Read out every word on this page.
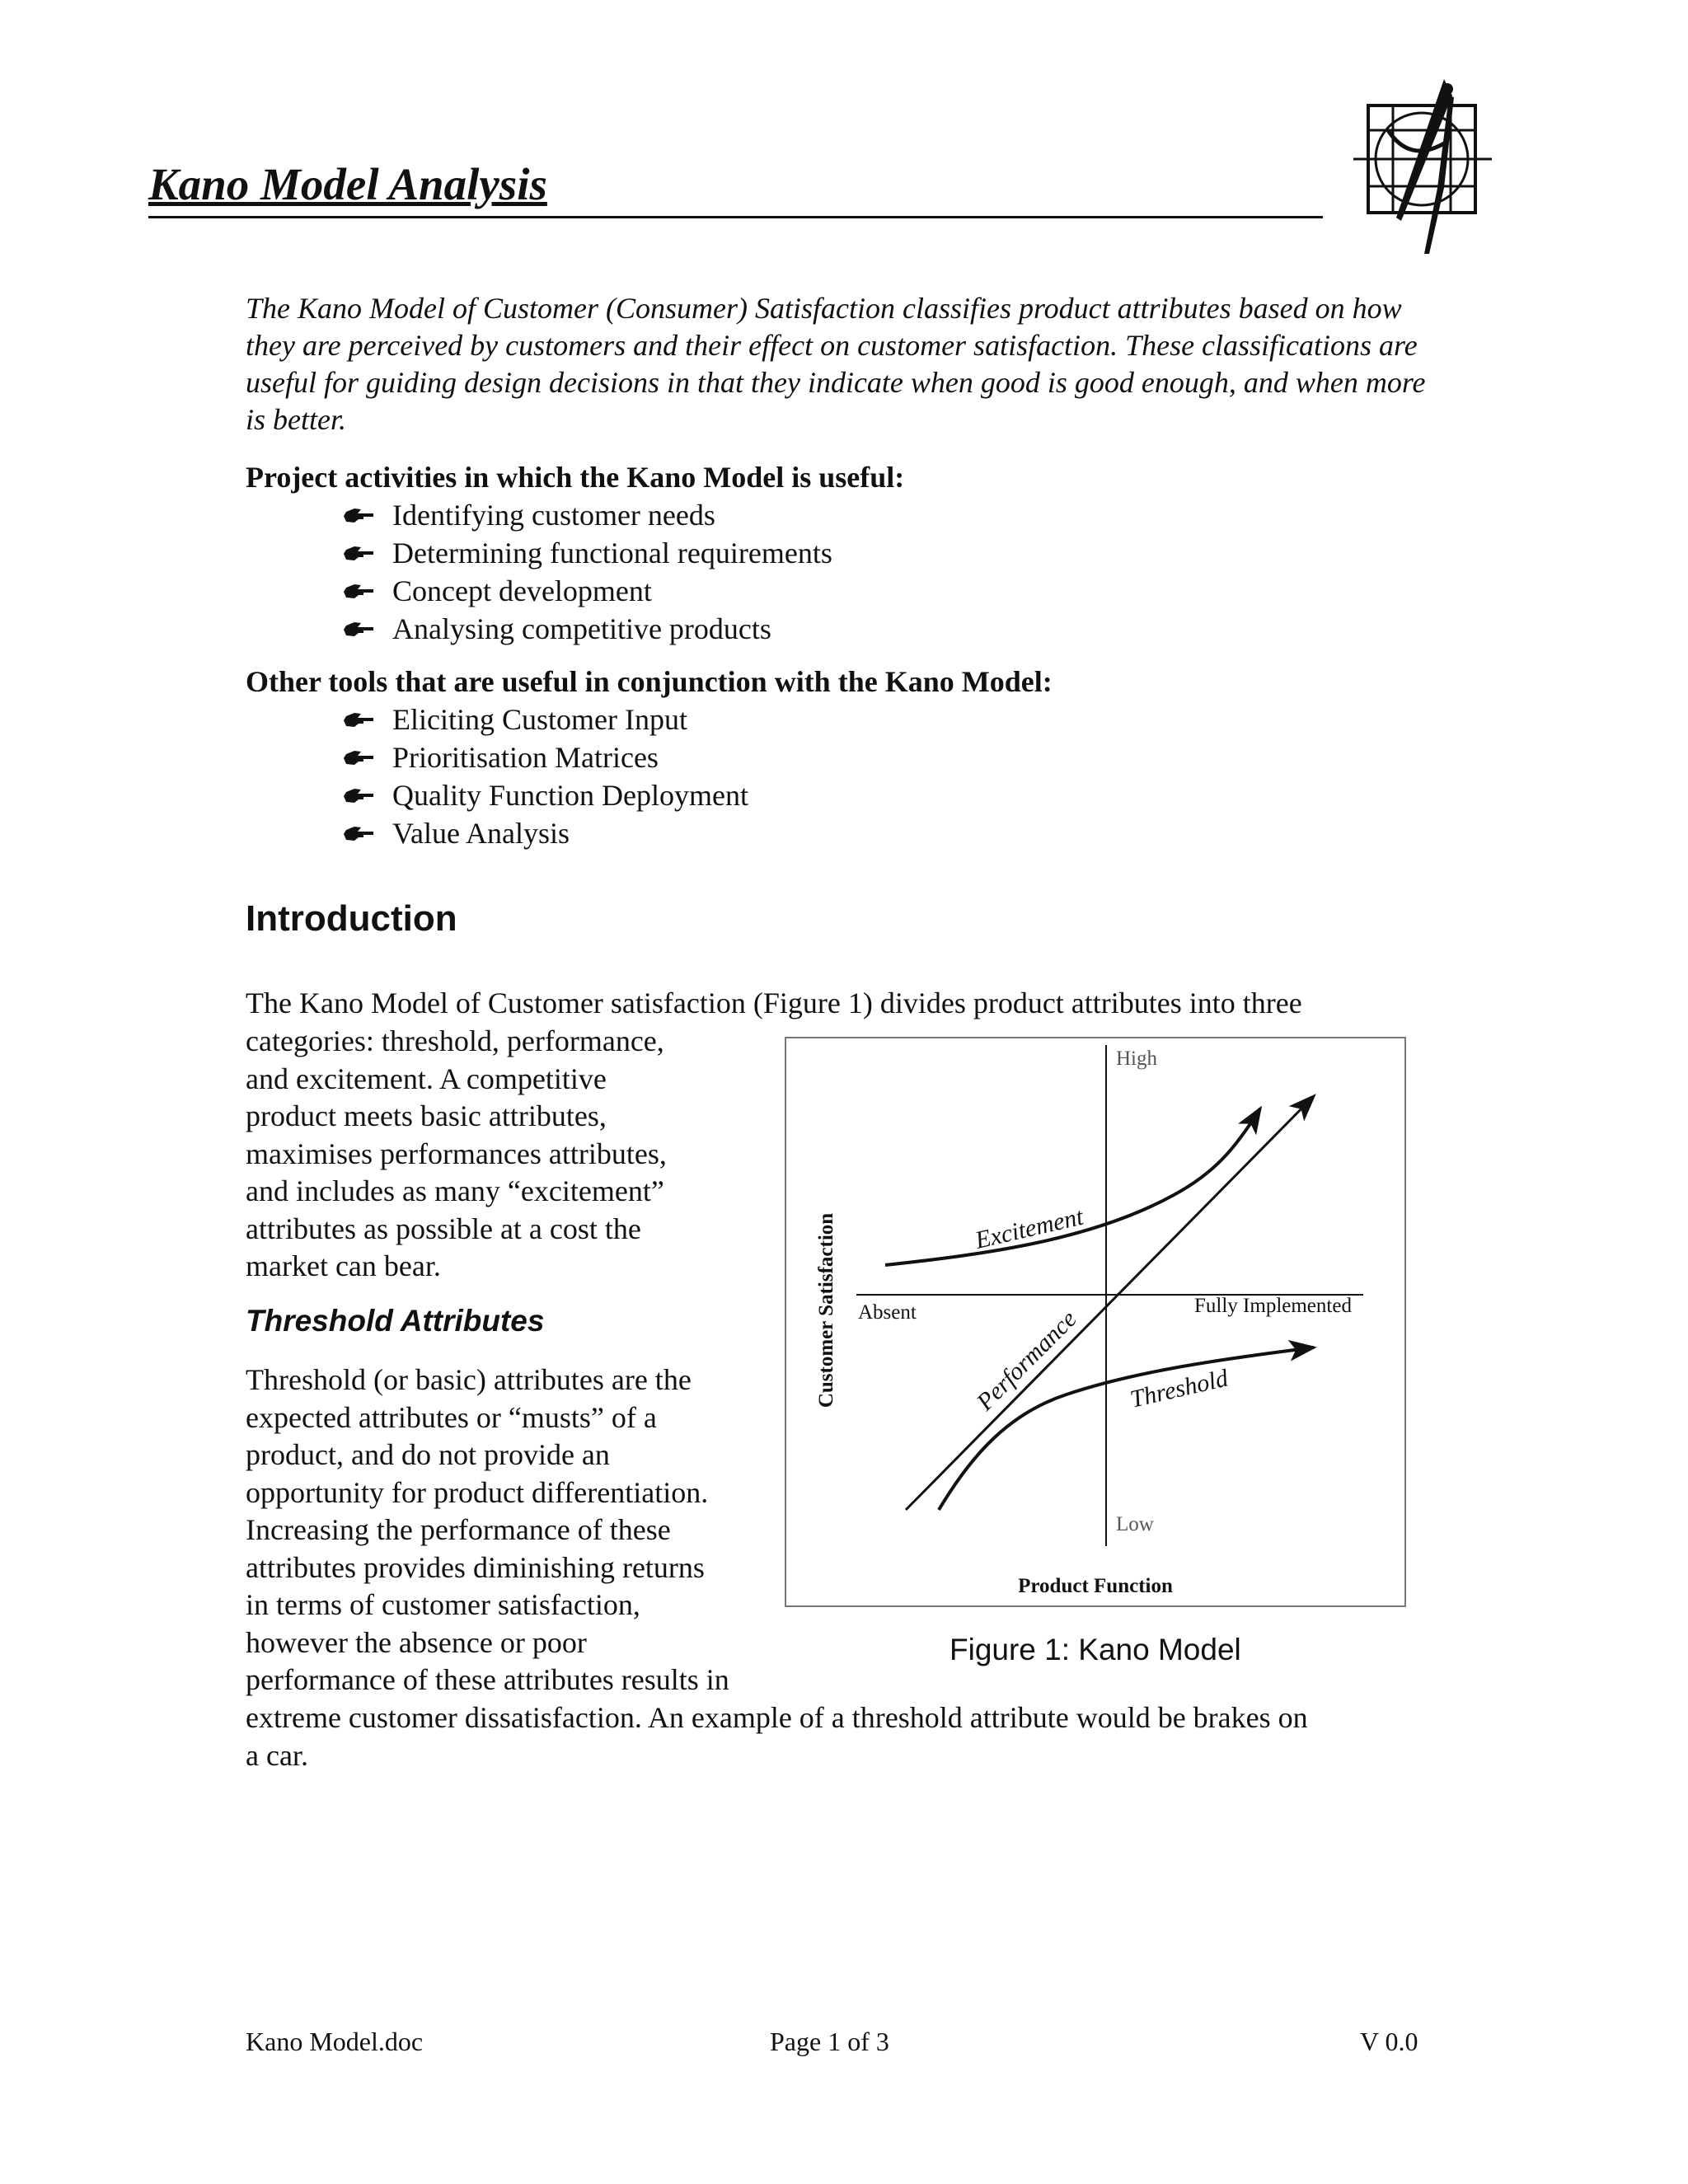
Kano Model Analysis

The Kano Model of Customer (Consumer) Satisfaction classifies product attributes based on how they are perceived by customers and their effect on customer satisfaction. These classifications are useful for guiding design decisions in that they indicate when good is good enough, and when more is better.

Project activities in which the Kano Model is useful:

Identifying customer needs
Determining functional requirements
Concept development
Analysing competitive products

Other tools that are useful in conjunction with the Kano Model:

Eliciting Customer Input
Prioritisation Matrices
Quality Function Deployment
Value Analysis
Introduction

The Kano Model of Customer satisfaction (Figure 1) divides product attributes into three

categories: threshold, performance,

and excitement. A competitive

product meets basic attributes,

maximises performances attributes,

and includes as many “excitement”

attributes as possible at a cost the

market can bear.

Threshold Attributes

Threshold (or basic) attributes are the

expected attributes or “musts” of a

product, and do not provide an

opportunity for product differentiation.

Increasing the performance of these

attributes provides diminishing returns

in terms of customer satisfaction,

however the absence or poor

performance of these attributes results in

extreme customer dissatisfaction. An example of a threshold attribute would be brakes on

a car.

High
Low
Absent	Fully Implemented
Product Function
Customer Satisfaction	Excitement
Performance Threshold
Figure 1: Kano Model
Kano Model.doc	Page 1 of 3	V 0.0
